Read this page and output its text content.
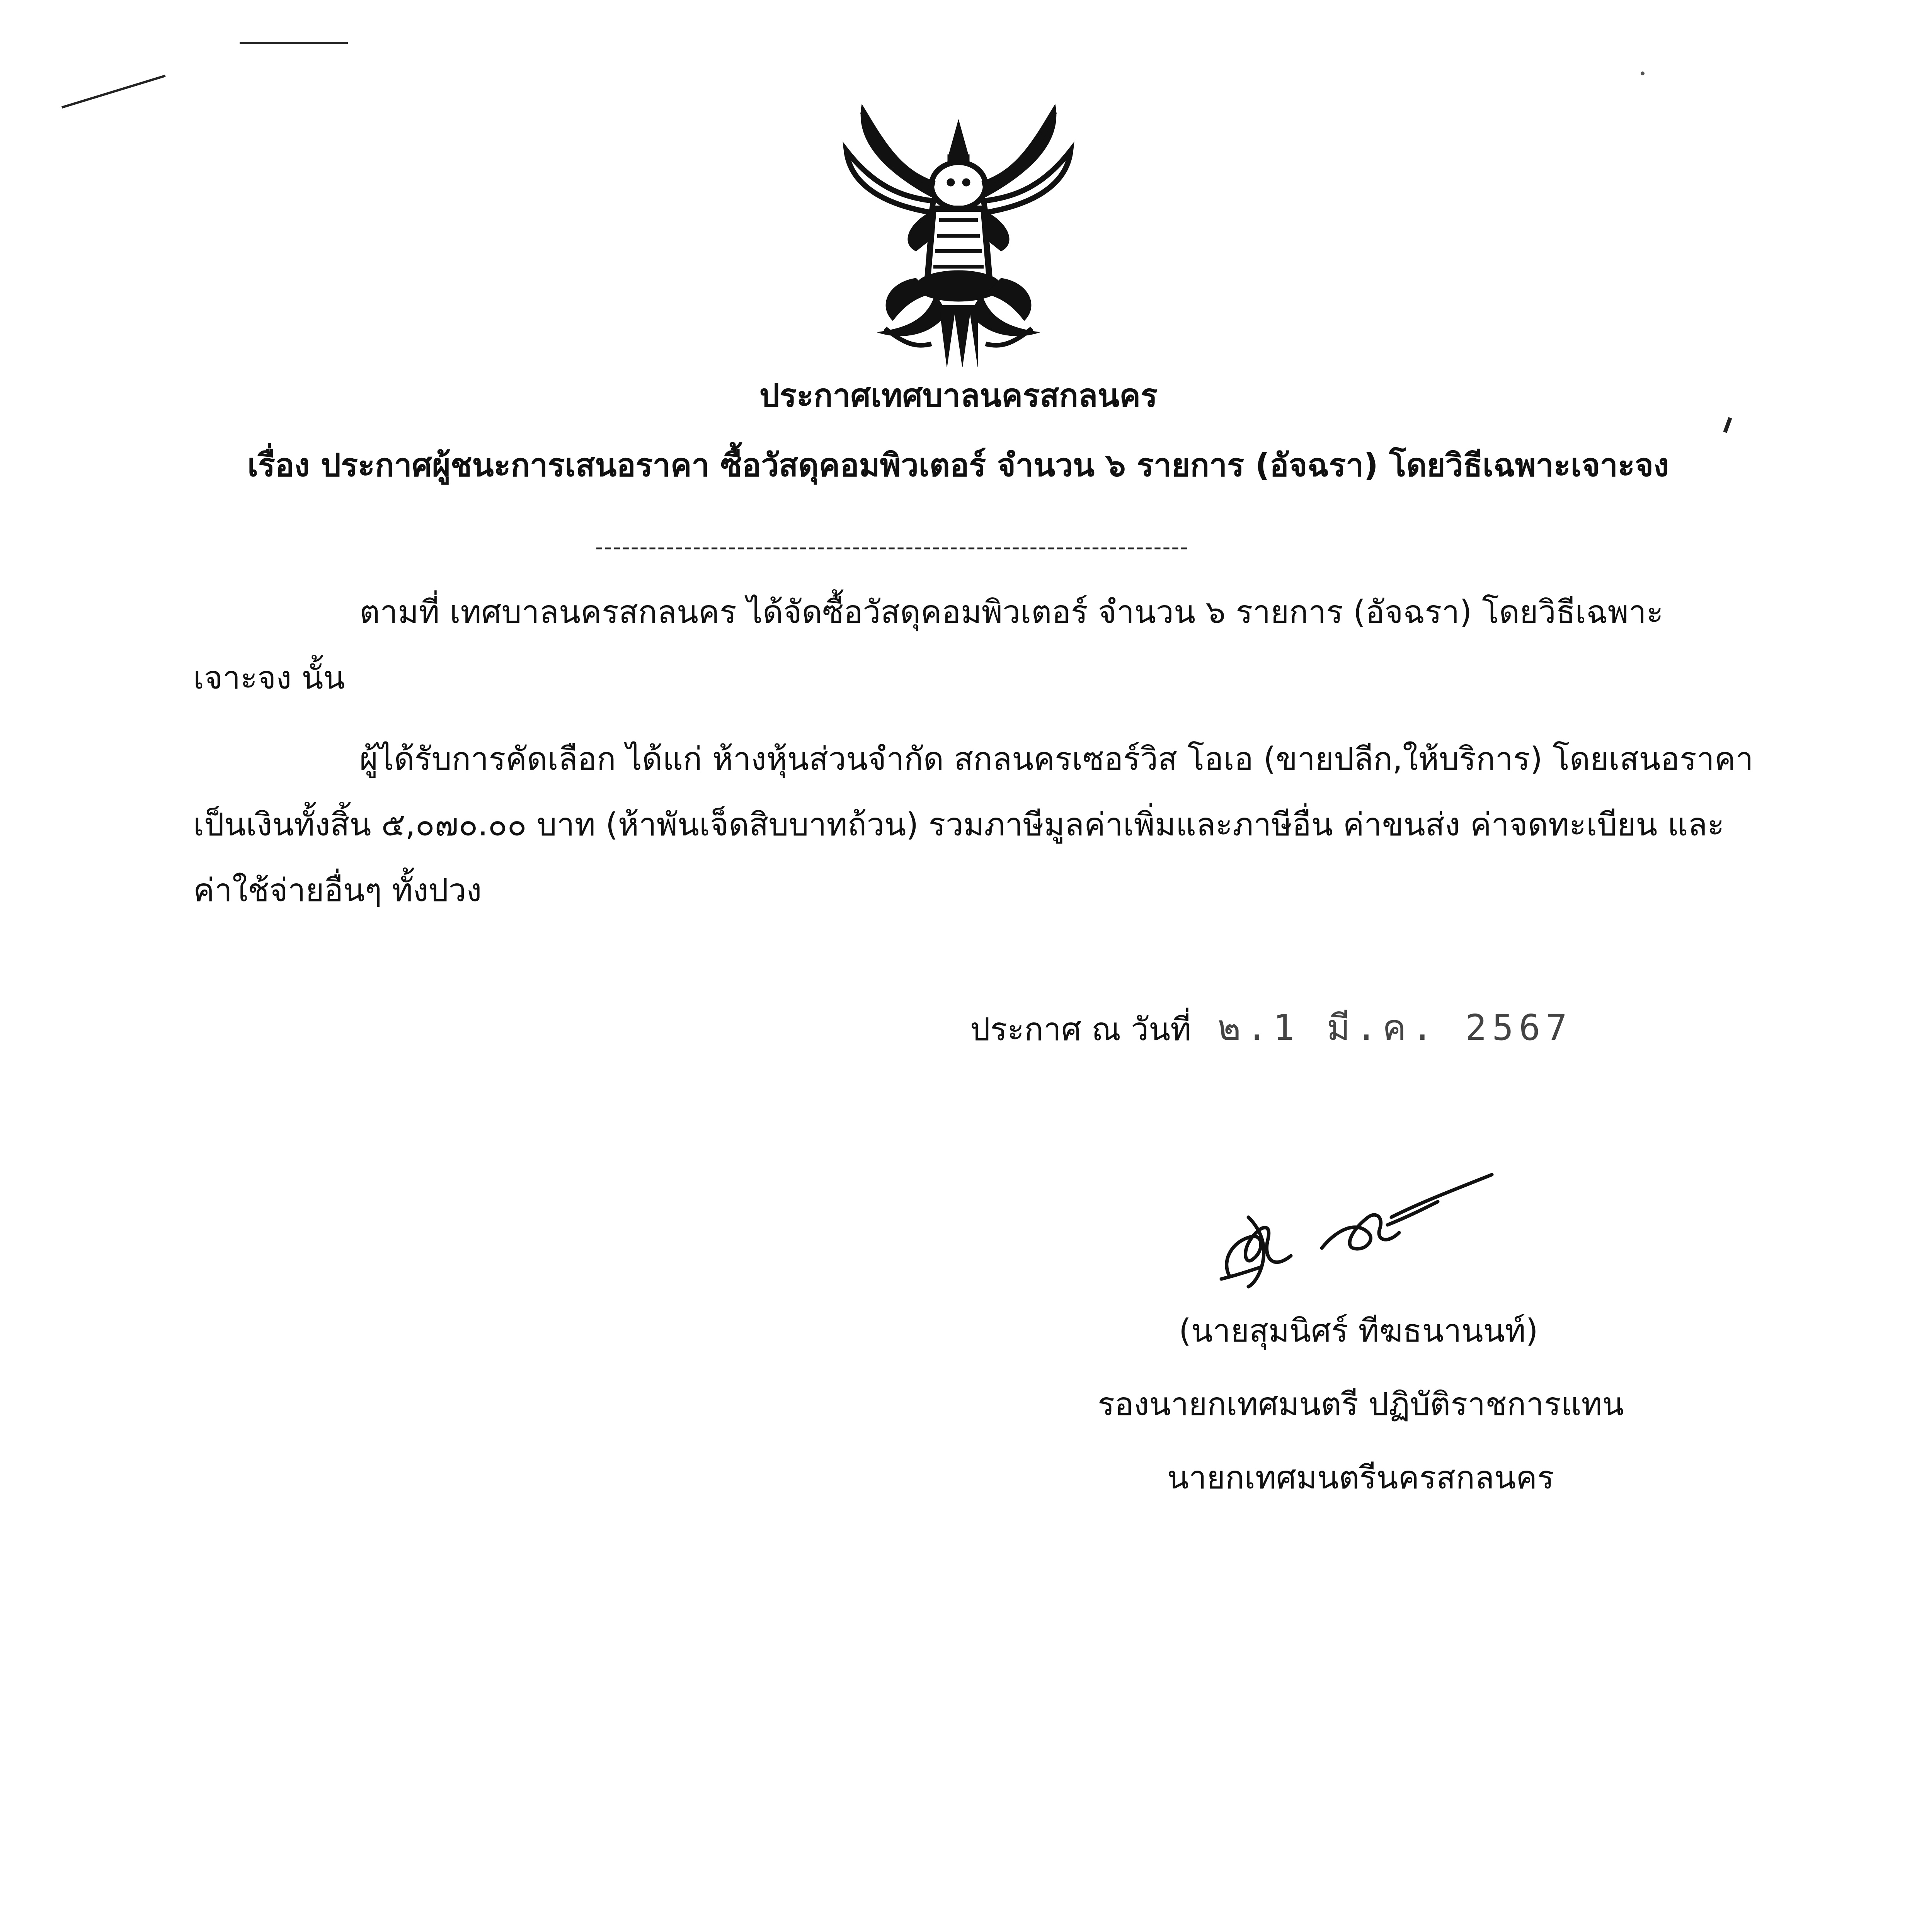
ประกาศเทศบาลนครสกลนคร
เรื่อง ประกาศผู้ชนะการเสนอราคา ซื้อวัสดุคอมพิวเตอร์ จำนวน ๖ รายการ (อัจฉรา) โดยวิธีเฉพาะเจาะจง
-------------------------------------------------------------------
ตามที่ เทศบาลนครสกลนคร ได้จัดซื้อวัสดุคอมพิวเตอร์ จำนวน ๖ รายการ (อัจฉรา) โดยวิธีเฉพาะ
เจาะจง นั้น
ผู้ได้รับการคัดเลือก ได้แก่ ห้างหุ้นส่วนจำกัด สกลนครเซอร์วิส โอเอ (ขายปลีก,ให้บริการ) โดยเสนอราคา
เป็นเงินทั้งสิ้น ๕,๐๗๐.๐๐ บาท (ห้าพันเจ็ดสิบบาทถ้วน) รวมภาษีมูลค่าเพิ่มและภาษีอื่น ค่าขนส่ง ค่าจดทะเบียน และ
ค่าใช้จ่ายอื่นๆ ทั้งปวง
ประกาศ ณ วันที่ ๒.1 มี.ค. 2567
(นายสุมนิศร์ ทีฆธนานนท์)
รองนายกเทศมนตรี ปฏิบัติราชการแทน
นายกเทศมนตรีนครสกลนคร
